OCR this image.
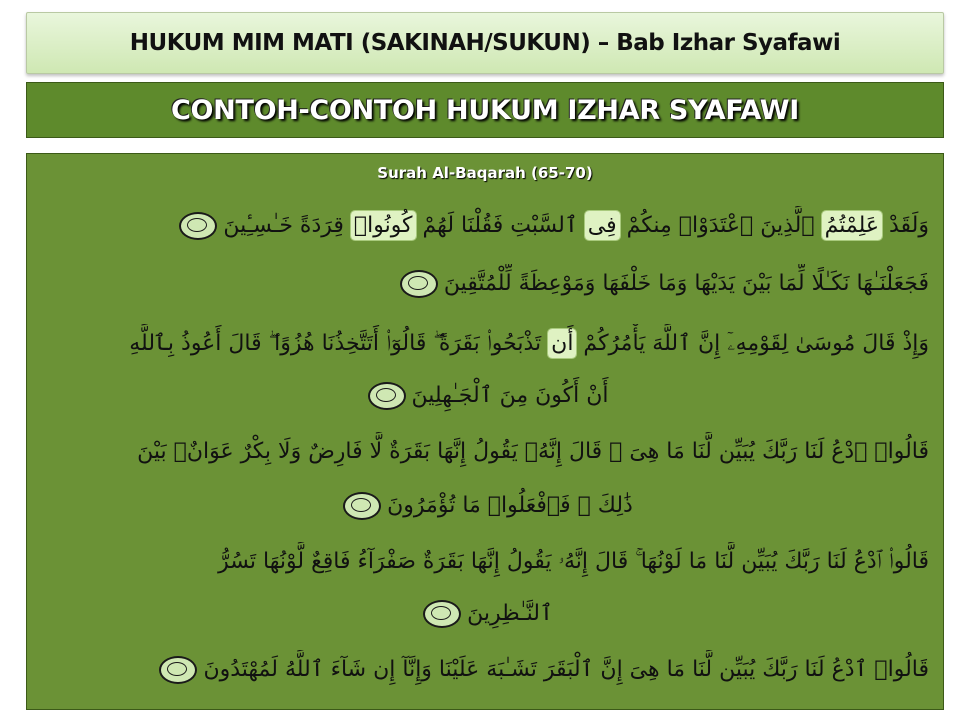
HUKUM MIM MATI (SAKINAH/SUKUN) – Bab Izhar Syafawi
CONTOH-CONTOH HUKUM IZHAR SYAFAWI
Surah Al-Baqarah (65-70)
وَلَقَدْ عَلِمْتُمُ ٱلَّذِينَ ٱعْتَدَوْا۟ مِنكُمْ فِى ٱلسَّبْتِ فَقُلْنَا لَهُمْ كُونُوا۟ قِرَدَةً خَـٰسِـِٔينَ
فَجَعَلْنَـٰهَا نَكَـٰلًا لِّمَا بَيْنَ يَدَيْهَا وَمَا خَلْفَهَا وَمَوْعِظَةً لِّلْمُتَّقِينَ
وَإِذْ قَالَ مُوسَىٰ لِقَوْمِهِۦٓ إِنَّ ٱللَّهَ يَأْمُرُكُمْ أَن تَذْبَحُوا۟ بَقَرَةً ۖ قَالُوٓا۟ أَتَتَّخِذُنَا هُزُوًا ۖ قَالَ أَعُوذُ بِٱللَّهِ
أَنْ أَكُونَ مِنَ ٱلْجَـٰهِلِينَ
قَالُوا۟ ٱدْعُ لَنَا رَبَّكَ يُبَيِّن لَّنَا مَا هِىَ ۚ قَالَ إِنَّهُۥ يَقُولُ إِنَّهَا بَقَرَةٌ لَّا فَارِضٌ وَلَا بِكْرٌ عَوَانٌۢ بَيْنَ
ذَٰلِكَ ۖ فَٱفْعَلُوا۟ مَا تُؤْمَرُونَ
قَالُوا۟ ٱدْعُ لَنَا رَبَّكَ يُبَيِّن لَّنَا مَا لَوْنُهَا ۚ قَالَ إِنَّهُۥ يَقُولُ إِنَّهَا بَقَرَةٌ صَفْرَآءُ فَاقِعٌ لَّوْنُهَا تَسُرُّ
ٱلنَّـٰظِرِينَ
قَالُوا۟ ٱدْعُ لَنَا رَبَّكَ يُبَيِّن لَّنَا مَا هِىَ إِنَّ ٱلْبَقَرَ تَشَـٰبَهَ عَلَيْنَا وَإِنَّآ إِن شَآءَ ٱللَّهُ لَمُهْتَدُونَ
